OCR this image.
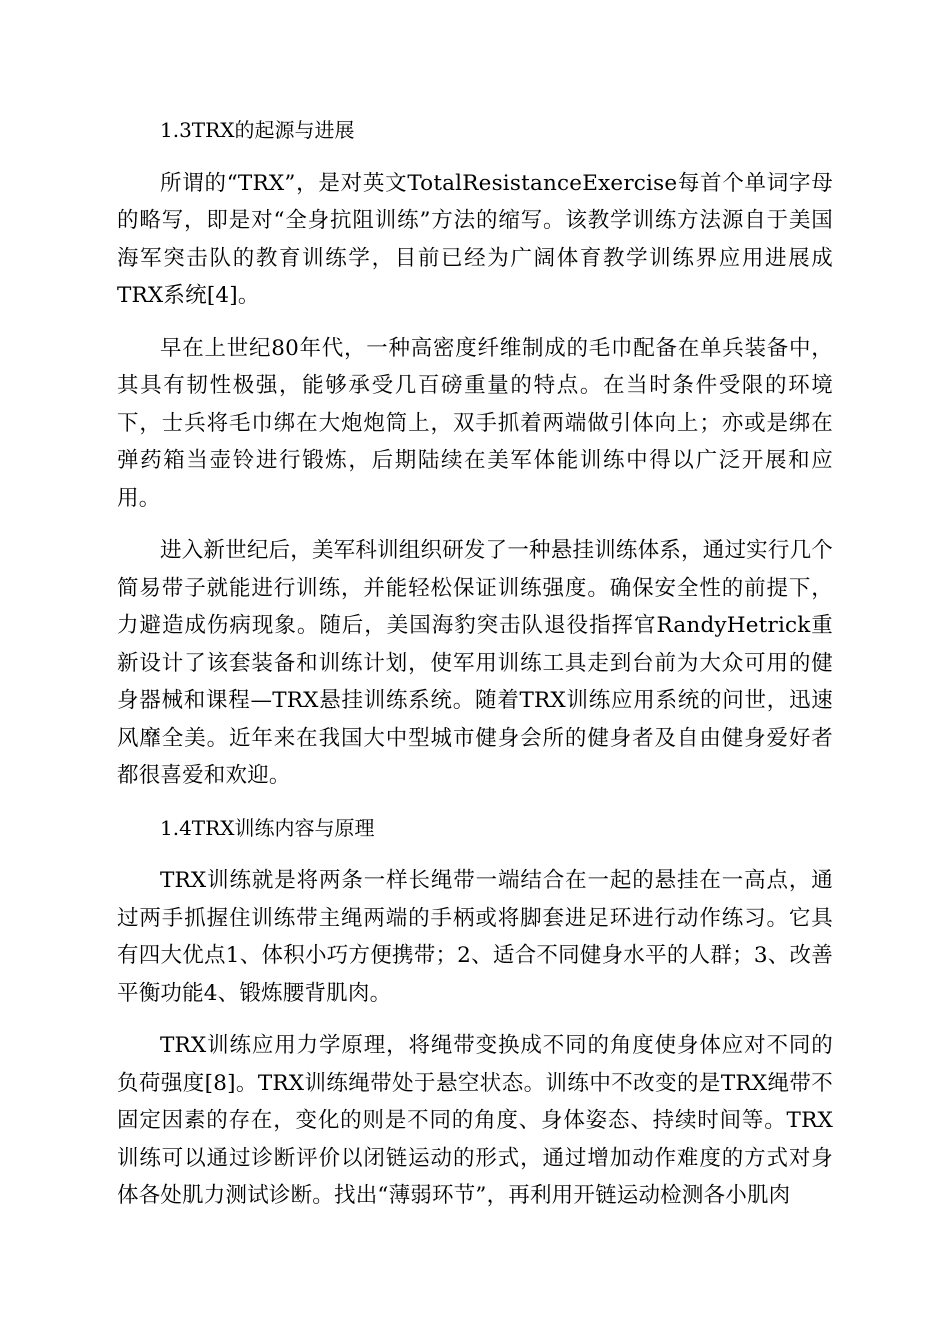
1.3TRX的起源与进展

所谓的“TRX”，是对英文TotalResistanceExercise每首个单词字母的略写，即是对“全身抗阻训练”方法的缩写。该教学训练方法源自于美国海军突击队的教育训练学，目前已经为广阔体育教学训练界应用进展成TRX系统[4]。

早在上世纪80年代，一种高密度纤维制成的毛巾配备在单兵装备中，其具有韧性极强，能够承受几百磅重量的特点。在当时条件受限的环境下，士兵将毛巾绑在大炮炮筒上，双手抓着两端做引体向上；亦或是绑在弹药箱当壶铃进行锻炼，后期陆续在美军体能训练中得以广泛开展和应用。

进入新世纪后，美军科训组织研发了一种悬挂训练体系，通过实行几个简易带子就能进行训练，并能轻松保证训练强度。确保安全性的前提下，力避造成伤病现象。随后，美国海豹突击队退役指挥官RandyHetrick重新设计了该套装备和训练计划，使军用训练工具走到台前为大众可用的健身器械和课程—TRX悬挂训练系统。随着TRX训练应用系统的问世，迅速风靡全美。近年来在我国大中型城市健身会所的健身者及自由健身爱好者都很喜爱和欢迎。

1.4TRX训练内容与原理

TRX训练就是将两条一样长绳带一端结合在一起的悬挂在一高点，通过两手抓握住训练带主绳两端的手柄或将脚套进足环进行动作练习。它具有四大优点1、体积小巧方便携带；2、适合不同健身水平的人群；3、改善平衡功能4、锻炼腰背肌肉。

TRX训练应用力学原理，将绳带变换成不同的角度使身体应对不同的负荷强度[8]。TRX训练绳带处于悬空状态。训练中不改变的是TRX绳带不固定因素的存在，变化的则是不同的角度、身体姿态、持续时间等。TRX训练可以通过诊断评价以闭链运动的形式，通过增加动作难度的方式对身体各处肌力测试诊断。找出“薄弱环节”，再利用开链运动检测各小肌肉
